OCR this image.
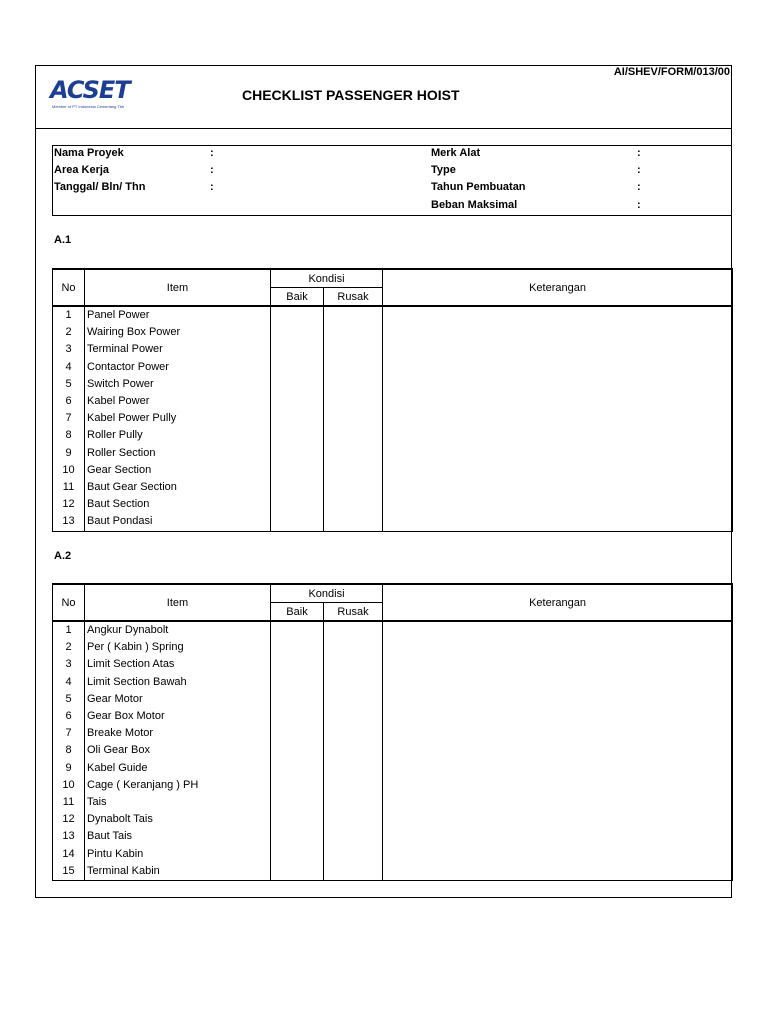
ACSET
Member of PT Indonesia Cemerlang Tbk
AI/SHEV/FORM/013/00
CHECKLIST PASSENGER HOIST
Nama Proyek	:
Area Kerja	:
Tanggal/ Bln/ Thn	:
Merk Alat	:
Type	:
Tahun Pembuatan	:
Beban Maksimal	:
A.1
No	Item	Kondisi		Keterangan
		Baik	Rusak	
1	Panel Power			
2	Wairing Box Power			
3	Terminal Power			
4	Contactor Power			
5	Switch Power			
6	Kabel Power			
7	Kabel Power Pully			
8	Roller Pully			
9	Roller Section			
10	Gear Section			
11	Baut Gear Section			
12	Baut Section			
13	Baut Pondasi			
A.2
No	Item	Kondisi		Keterangan
		Baik	Rusak	
1	Angkur Dynabolt			
2	Per ( Kabin ) Spring			
3	Limit Section Atas			
4	Limit Section Bawah			
5	Gear Motor			
6	Gear Box Motor			
7	Breake Motor			
8	Oli Gear Box			
9	Kabel Guide			
10	Cage ( Keranjang ) PH			
11	Tais			
12	Dynabolt Tais			
13	Baut Tais			
14	Pintu Kabin			
15	Terminal Kabin			
